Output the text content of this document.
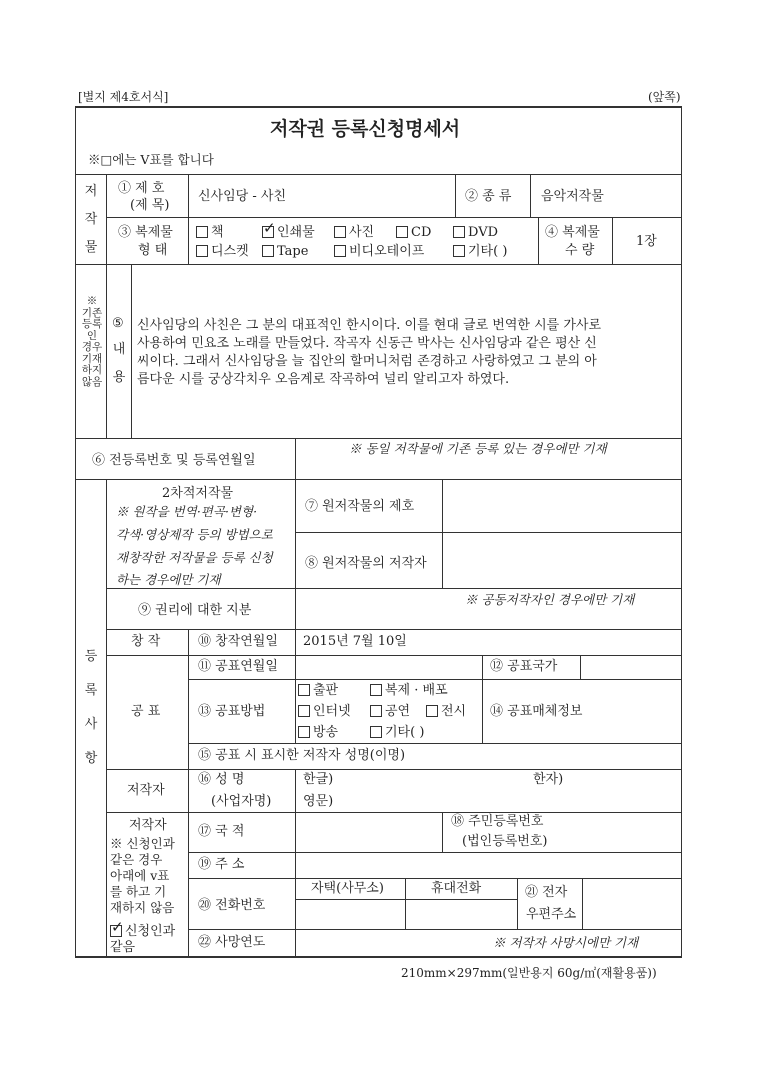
[별지 제4호서식]	(앞쪽)
저작권 등록신청명세서
※□에는 V표를 합니다
저작물
① 제 호
(제 목)
신사임당 - 사친	② 종 류 음악저작물
③ 복제물
형 태
책
✓	인쇄물	사진	CD	DVD
디스켓	Tape	비디오테이프	기타( )
④ 복제물
수 량
1장
※ 기존 등록인 경우 기재하지 않음
⑤
내 용
신사임당의 사친은 그 분의 대표적인 한시이다. 이를 현대 글로 번역한 시를 가사로
사용하여 민요조 노래를 만들었다. 작곡자 신동근 박사는 신사임당과 같은 평산 신
씨이다. 그래서 신사임당을 늘 집안의 할머니처럼 존경하고 사랑하였고 그 분의 아
름다운 시를 궁상각치우 오음계로 작곡하여 널리 알리고자 하였다.
⑥ 전등록번호 및 등록연월일
※ 동일 저작물에 기존 등록 있는 경우에만 기재
등록사항
2차적저작물
※ 원작을 번역·편곡·변형·
각색·영상제작 등의 방법으로
재창작한 저작물을 등록 신청
하는 경우에만 기재
⑦ 원저작물의 제호
⑧ 원저작물의 저작자
⑨ 권리에 대한 지분
※ 공동저작자인 경우에만 기재
창 작	⑩ 창작연월일 2015년 7월 10일
공 표
⑪ 공표연월일	⑫ 공표국가
⑬ 공표방법	⑭ 공표매체정보
출판	복제 · 배포
인터넷	공연	전시
방송	기타( )
⑮ 공표 시 표시한 저작자 성명(이명)
저작자
⑯ 성 명
(사업자명)
한글)	한자)
영문)
저작자
※ 신청인과
같은 경우
아래에 v표
를 하고 기
재하지 않음
✓신청인과
같음
⑰ 국 적
⑱ 주민등록번호
(법인등록번호)
⑲ 주 소
⑳ 전화번호
자택(사무소)	휴대전화	㉑ 전자
우편주소
㉒ 사망연도	※ 저작자 사망시에만 기재
210mm×297mm(일반용지 60g/㎡(재활용품))
